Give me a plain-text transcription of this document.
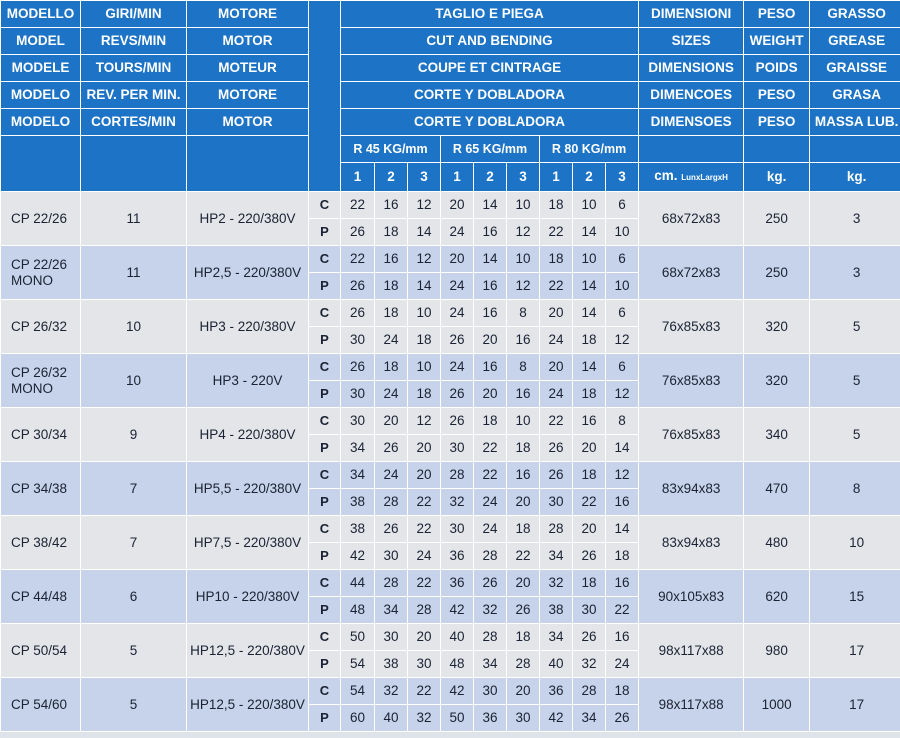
MODELLO	GIRI/MIN	MOTORE		TAGLIO E PIEGA									DIMENSIONI	PESO	GRASSO
MODEL	REVS/MIN	MOTOR		CUT AND BENDING									SIZES	WEIGHT	GREASE
MODELE	TOURS/MIN	MOTEUR		COUPE ET CINTRAGE									DIMENSIONS	POIDS	GRAISSE
MODELO	REV. PER MIN.	MOTORE		CORTE Y DOBLADORA									DIMENCOES	PESO	GRASA
MODELO	CORTES/MIN	MOTOR		CORTE Y DOBLADORA									DIMENSOES	PESO	MASSA LUB.
				R 45 KG/mm			R 65 KG/mm			R 80 KG/mm					
				1	2	3	1	2	3	1	2	3	cm. LunxLargxH	kg.	kg.
CP 22/26	11	HP2 - 220/380V	C	22	16	12	20	14	10	18	10	6	68x72x83	250	3
			P	26	18	14	24	16	12	22	14	10			
CP 22/26 MONO	11	HP2,5 - 220/380V	C	22	16	12	20	14	10	18	10	6	68x72x83	250	3
			P	26	18	14	24	16	12	22	14	10			
CP 26/32	10	HP3 - 220/380V	C	26	18	10	24	16	8	20	14	6	76x85x83	320	5
			P	30	24	18	26	20	16	24	18	12			
CP 26/32 MONO	10	HP3 - 220V	C	26	18	10	24	16	8	20	14	6	76x85x83	320	5
			P	30	24	18	26	20	16	24	18	12			
CP 30/34	9	HP4 - 220/380V	C	30	20	12	26	18	10	22	16	8	76x85x83	340	5
			P	34	26	20	30	22	18	26	20	14			
CP 34/38	7	HP5,5 - 220/380V	C	34	24	20	28	22	16	26	18	12	83x94x83	470	8
			P	38	28	22	32	24	20	30	22	16			
CP 38/42	7	HP7,5 - 220/380V	C	38	26	22	30	24	18	28	20	14	83x94x83	480	10
			P	42	30	24	36	28	22	34	26	18			
CP 44/48	6	HP10 - 220/380V	C	44	28	22	36	26	20	32	18	16	90x105x83	620	15
			P	48	34	28	42	32	26	38	30	22			
CP 50/54	5	HP12,5 - 220/380V	C	50	30	20	40	28	18	34	26	16	98x117x88	980	17
			P	54	38	30	48	34	28	40	32	24			
CP 54/60	5	HP12,5 - 220/380V	C	54	32	22	42	30	20	36	28	18	98x117x88	1000	17
			P	60	40	32	50	36	30	42	34	26			
